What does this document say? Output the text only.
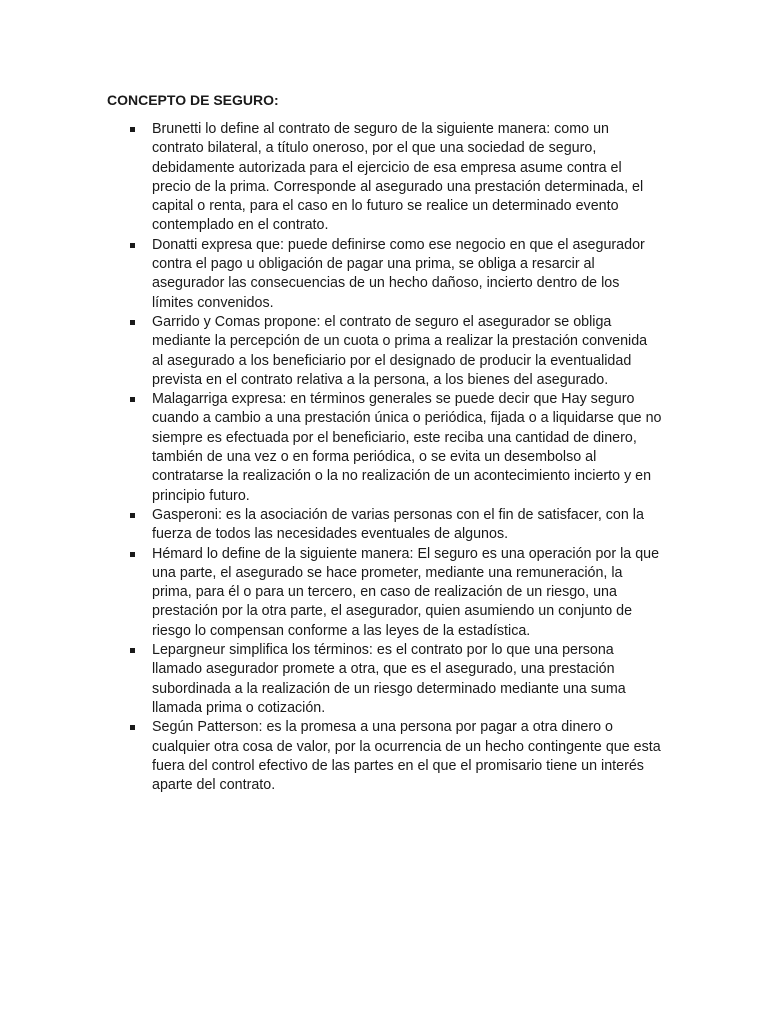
CONCEPTO DE SEGURO:
Brunetti lo define al contrato de seguro de la siguiente manera: como un contrato bilateral, a título oneroso, por el que una sociedad de seguro, debidamente autorizada para el ejercicio de esa empresa asume contra el precio de la prima. Corresponde al asegurado una prestación determinada, el capital o renta, para el caso en lo futuro se realice un determinado evento contemplado en el contrato.
Donatti expresa que: puede definirse como ese negocio en que el asegurador contra el pago u obligación de pagar una prima, se obliga a resarcir al asegurador las consecuencias de un hecho dañoso, incierto dentro de los límites convenidos.
Garrido y Comas propone: el contrato de seguro el asegurador se obliga mediante la percepción de un cuota o prima a realizar la prestación convenida al asegurado a los beneficiario por el designado de producir la eventualidad prevista en el contrato relativa a la persona, a los bienes del asegurado.
Malagarriga expresa: en términos generales se puede decir que Hay seguro cuando a cambio a una prestación única o periódica, fijada o a liquidarse que no siempre es efectuada por el beneficiario, este reciba una cantidad de dinero, también de una vez o en forma periódica, o se evita un desembolso al contratarse la realización o la no realización de un acontecimiento incierto y en principio futuro.
Gasperoni: es la asociación de varias personas con el fin de satisfacer, con la fuerza de todos las necesidades eventuales de algunos.
Hémard lo define de la siguiente manera: El seguro es una operación por la que una parte, el asegurado se hace prometer, mediante una remuneración, la prima, para él o para un tercero, en caso de realización de un riesgo, una prestación por la otra parte, el asegurador, quien asumiendo un conjunto de riesgo lo compensan conforme a las leyes de la estadística.
Lepargneur simplifica los términos: es el contrato por lo que una persona llamado asegurador promete a otra, que es el asegurado, una prestación subordinada a la realización de un riesgo determinado mediante una suma llamada prima o cotización.
Según Patterson: es la promesa a una persona por pagar a otra dinero o cualquier otra cosa de valor, por la ocurrencia de un hecho contingente que esta fuera del control efectivo de las partes en el que el promisario tiene un interés aparte del contrato.
